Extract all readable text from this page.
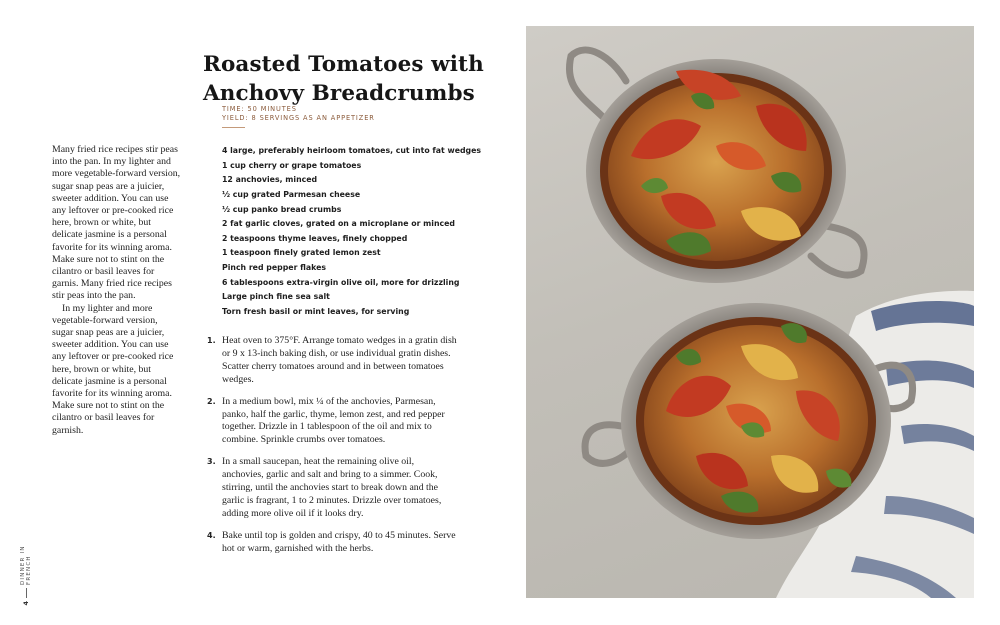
Roasted Tomatoes with
Anchovy Breadcrumbs
TIME: 50 MINUTES
YIELD: 8 SERVINGS AS AN APPETIZER

Many fried rice recipes stir peas into the pan. In my lighter and more vegetable-forward version, sugar snap peas are a juicier, sweeter addition. You can use any leftover or pre-cooked rice here, brown or white, but delicate jasmine is a personal favorite for its winning aroma. Make sure not to stint on the cilantro or basil leaves for garnis. Many fried rice recipes stir peas into the pan.

In my lighter and more vegetable-forward version, sugar snap peas are a juicier, sweeter addition. You can use any leftover or pre-cooked rice here, brown or white, but delicate jasmine is a personal favorite for its winning aroma. Make sure not to stint on the cilantro or basil leaves for garnish.

4 large, preferably heirloom tomatoes, cut into fat wedges
1 cup cherry or grape tomatoes
12 anchovies, minced
½ cup grated Parmesan cheese
½ cup panko bread crumbs
2 fat garlic cloves, grated on a microplane or minced
2 teaspoons thyme leaves, finely chopped
1 teaspoon finely grated lemon zest
Pinch red pepper flakes
6 tablespoons extra-virgin olive oil, more for drizzling
Large pinch fine sea salt
Torn fresh basil or mint leaves, for serving
1. Heat oven to 375°F. Arrange tomato wedges in a gratin dish or 9 x 13-inch baking dish, or use individual gratin dishes. Scatter cherry tomatoes around and in between tomatoes wedges.
2. In a medium bowl, mix ¼ of the anchovies, Parmesan, panko, half the garlic, thyme, lemon zest, and red pepper together. Drizzle in 1 tablespoon of the oil and mix to combine. Sprinkle crumbs over tomatoes.
3. In a small saucepan, heat the remaining olive oil, anchovies, garlic and salt and bring to a simmer. Cook, stirring, until the anchovies start to break down and the garlic is fragrant, 1 to 2 minutes. Drizzle over tomatoes, adding more olive oil if it looks dry.
4. Bake until top is golden and crispy, 40 to 45 minutes. Serve hot or warm, garnished with the herbs.
DINNER IN FRENCH
4
